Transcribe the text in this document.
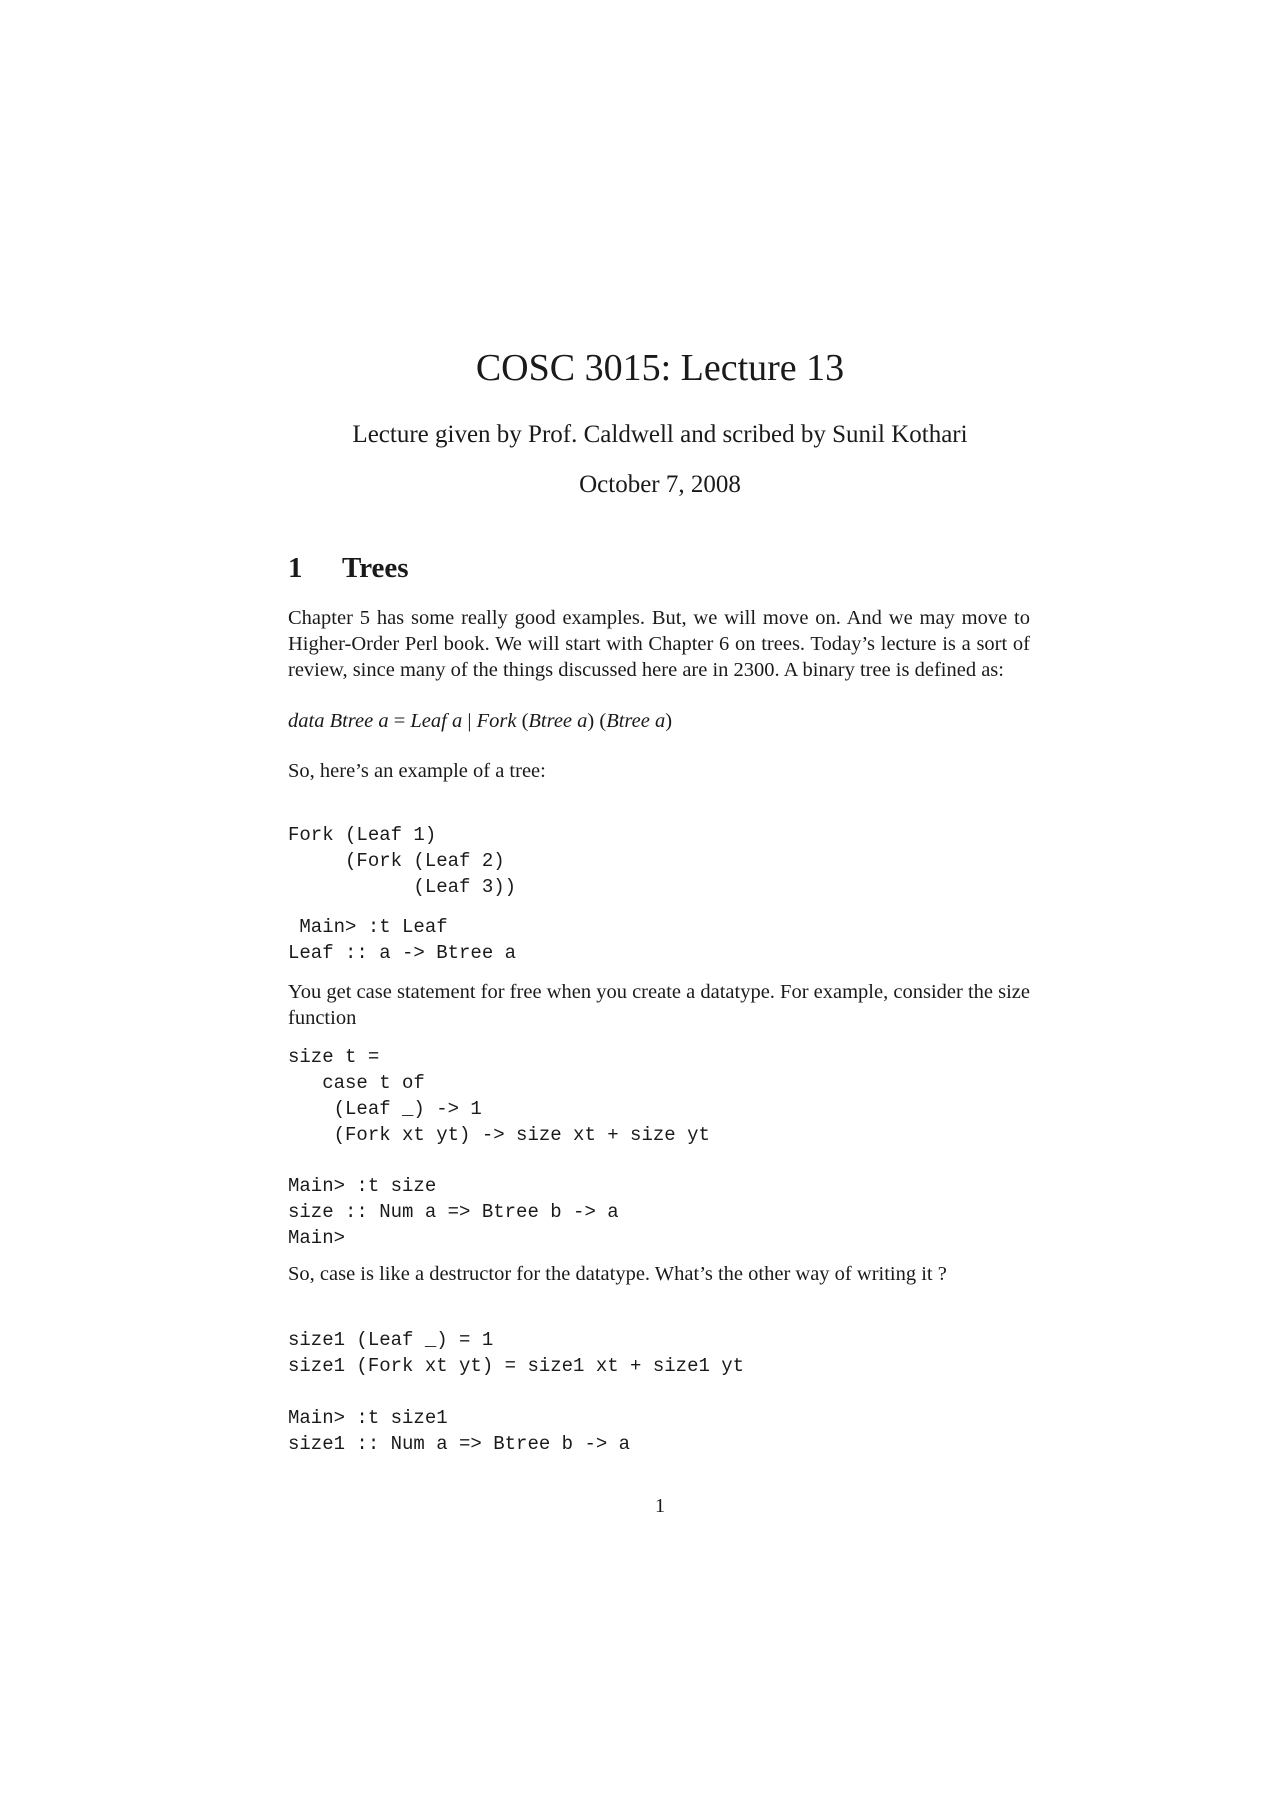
COSC 3015: Lecture 13

Lecture given by Prof. Caldwell and scribed by Sunil Kothari

October 7, 2008

1 Trees

Chapter 5 has some really good examples. But, we will move on. And we may move to Higher-Order Perl book. We will start with Chapter 6 on trees. Today’s lecture is a sort of review, since many of the things discussed here are in 2300. A binary tree is defined as:

data Btree a = Leaf a | Fork (Btree a) (Btree a)

So, here’s an example of a tree:

Fork (Leaf 1)
(Fork (Leaf 2)
(Leaf 3))
Main> :t Leaf
Leaf :: a -> Btree a

You get case statement for free when you create a datatype. For example, consider the size function

size t =
case t of
(Leaf _) -> 1
(Fork xt yt) -> size xt + size yt
Main> :t size
size :: Num a => Btree b -> a
Main>

So, case is like a destructor for the datatype. What’s the other way of writing it ?

size1 (Leaf _) = 1
size1 (Fork xt yt) = size1 xt + size1 yt
Main> :t size1
size1 :: Num a => Btree b -> a

1
